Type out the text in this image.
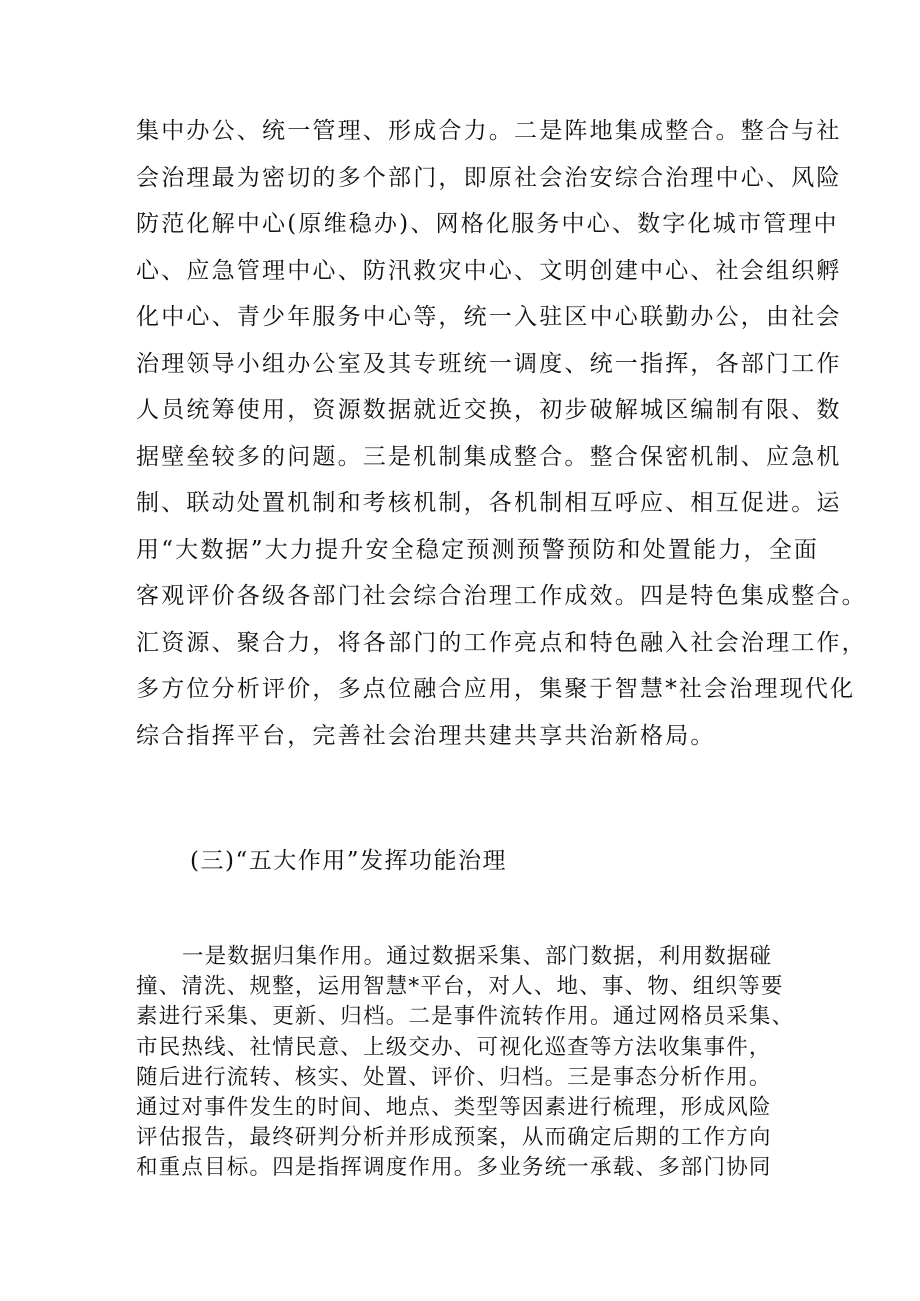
集中办公、统一管理、形成合力。二是阵地集成整合。整合与社
会治理最为密切的多个部门，即原社会治安综合治理中心、风险
防范化解中心(原维稳办)、网格化服务中心、数字化城市管理中
心、应急管理中心、防汛救灾中心、文明创建中心、社会组织孵
化中心、青少年服务中心等，统一入驻区中心联勤办公，由社会
治理领导小组办公室及其专班统一调度、统一指挥，各部门工作
人员统筹使用，资源数据就近交换，初步破解城区编制有限、数
据壁垒较多的问题。三是机制集成整合。整合保密机制、应急机
制、联动处置机制和考核机制，各机制相互呼应、相互促进。运
用“大数据”大力提升安全稳定预测预警预防和处置能力，全面
客观评价各级各部门社会综合治理工作成效。四是特色集成整合。
汇资源、聚合力，将各部门的工作亮点和特色融入社会治理工作，
多方位分析评价，多点位融合应用，集聚于智慧*社会治理现代化
综合指挥平台，完善社会治理共建共享共治新格局。
(三)“五大作用”发挥功能治理
一是数据归集作用。通过数据采集、部门数据，利用数据碰
撞、清洗、规整，运用智慧*平台，对人、地、事、物、组织等要
素进行采集、更新、归档。二是事件流转作用。通过网格员采集、
市民热线、社情民意、上级交办、可视化巡查等方法收集事件，
随后进行流转、核实、处置、评价、归档。三是事态分析作用。
通过对事件发生的时间、地点、类型等因素进行梳理，形成风险
评估报告，最终研判分析并形成预案，从而确定后期的工作方向
和重点目标。四是指挥调度作用。多业务统一承载、多部门协同
